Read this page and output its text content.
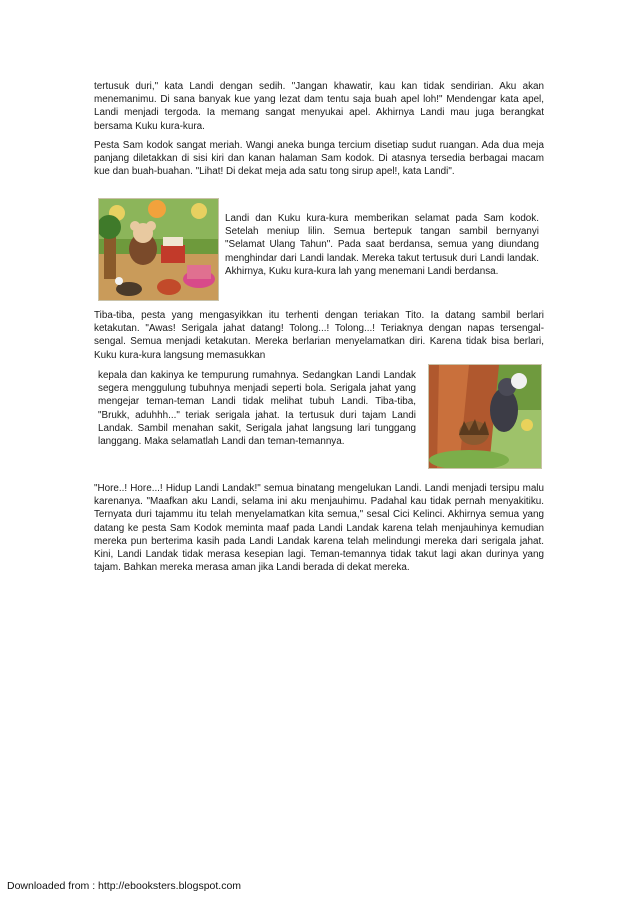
tertusuk duri," kata Landi dengan sedih. "Jangan khawatir, kau kan tidak sendirian. Aku akan menemanimu. Di sana banyak kue yang lezat dam tentu saja buah apel loh!" Mendengar kata apel, Landi menjadi tergoda. Ia memang sangat menyukai apel. Akhirnya Landi mau juga berangkat bersama Kuku kura-kura.

Pesta Sam kodok sangat meriah. Wangi aneka bunga tercium disetiap sudut ruangan. Ada dua meja panjang diletakkan di sisi kiri dan kanan halaman Sam kodok. Di atasnya tersedia berbagai macam kue dan buah-buahan. "Lihat! Di dekat meja ada satu tong sirup apel!, kata Landi".

Landi dan Kuku kura-kura memberikan selamat pada Sam kodok. Setelah meniup lilin. Semua bertepuk tangan sambil bernyanyi "Selamat Ulang Tahun". Pada saat berdansa, semua yang diundang menghindar dari Landi landak. Mereka takut tertusuk duri Landi landak. Akhirnya, Kuku kura-kura lah yang menemani Landi berdansa.

Tiba-tiba, pesta yang mengasyikkan itu terhenti dengan teriakan Tito. Ia datang sambil berlari ketakutan. "Awas! Serigala jahat datang! Tolong...! Tolong...! Teriaknya dengan napas tersengal-sengal. Semua menjadi ketakutan. Mereka berlarian menyelamatkan diri. Karena tidak bisa berlari, Kuku kura-kura langsung memasukkan

kepala dan kakinya ke tempurung rumahnya. Sedangkan Landi Landak segera menggulung tubuhnya menjadi seperti bola. Serigala jahat yang mengejar teman-teman Landi tidak melihat tubuh Landi. Tiba-tiba, "Brukk, aduhhh..." teriak serigala jahat. Ia tertusuk duri tajam Landi Landak. Sambil menahan sakit, Serigala jahat langsung lari tunggang langgang. Maka selamatlah Landi dan teman-temannya.

"Hore..! Hore...! Hidup Landi Landak!" semua binatang mengelukan Landi. Landi menjadi tersipu malu karenanya. "Maafkan aku Landi, selama ini aku menjauhimu. Padahal kau tidak pernah menyakitiku. Ternyata duri tajammu itu telah menyelamatkan kita semua," sesal Cici Kelinci. Akhirnya semua yang datang ke pesta Sam Kodok meminta maaf pada Landi Landak karena telah menjauhinya kemudian mereka pun berterima kasih pada Landi Landak karena telah melindungi mereka dari serigala jahat. Kini, Landi Landak tidak merasa kesepian lagi. Teman-temannya tidak takut lagi akan durinya yang tajam. Bahkan mereka merasa aman jika Landi berada di dekat mereka.

Downloaded from : http://ebooksters.blogspot.com
